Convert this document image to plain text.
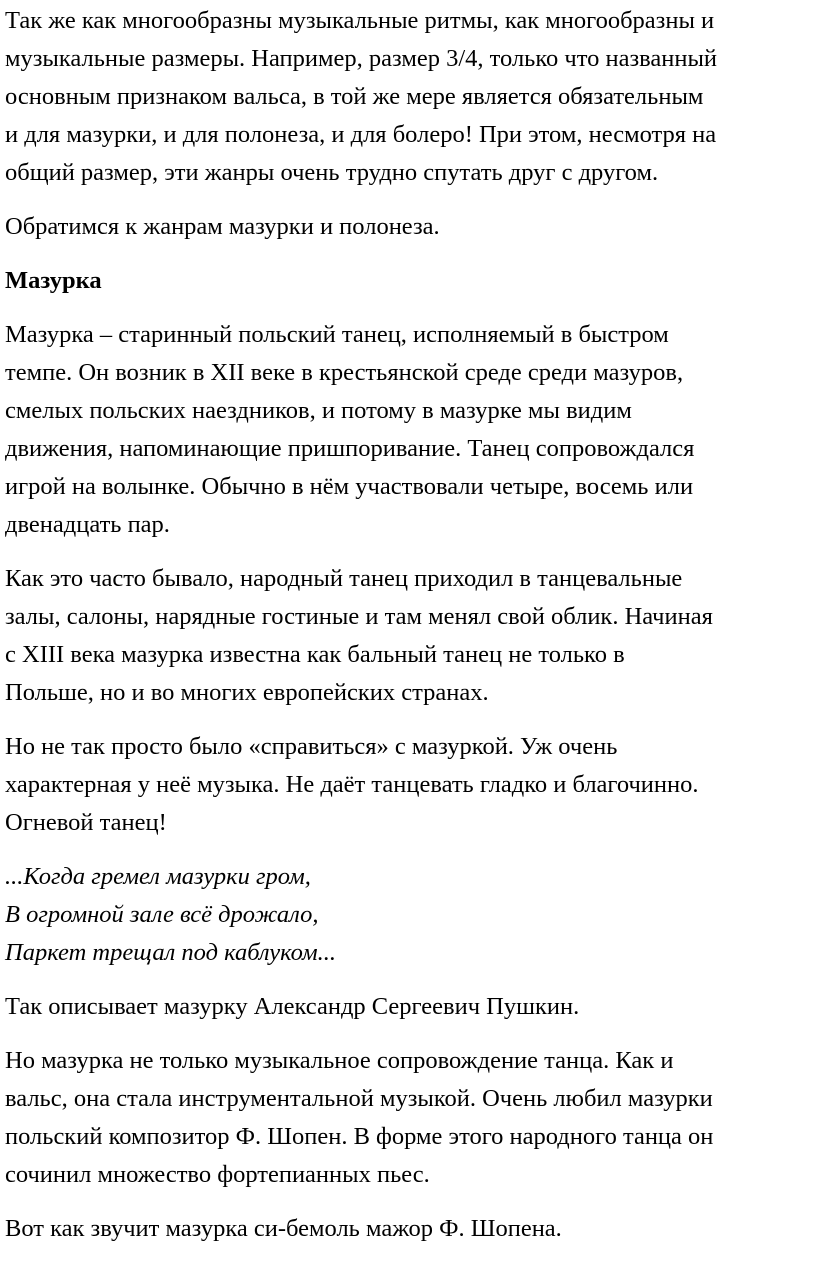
Так же как многообразны музыкальные ритмы, как многообразны и
музыкальные размеры. Например, размер 3/4, только что названный
основным признаком вальса, в той же мере является обязательным
и для мазурки, и для полонеза, и для болеро! При этом, несмотря на
общий размер, эти жанры очень трудно спутать друг с другом.

Обратимся к жанрам мазурки и полонеза.

Мазурка

Мазурка – старинный польский танец, исполняемый в быстром
темпе. Он возник в XII веке в крестьянской среде среди мазуров,
смелых польских наездников, и потому в мазурке мы видим
движения, напоминающие пришпоривание. Танец сопровождался
игрой на волынке. Обычно в нём участвовали четыре, восемь или
двенадцать пар.

Как это часто бывало, народный танец приходил в танцевальные
залы, салоны, нарядные гостиные и там менял свой облик. Начиная
с XIII века мазурка известна как бальный танец не только в
Польше, но и во многих европейских странах.

Но не так просто было «справиться» с мазуркой. Уж очень
характерная у неё музыка. Не даёт танцевать гладко и благочинно.
Огневой танец!

...Когда гремел мазурки гром,
В огромной зале всё дрожало,
Паркет трещал под каблуком...

Так описывает мазурку Александр Сергеевич Пушкин.

Но мазурка не только музыкальное сопровождение танца. Как и
вальс, она стала инструментальной музыкой. Очень любил мазурки
польский композитор Ф. Шопен. В форме этого народного танца он
сочинил множество фортепианных пьес.

Вот как звучит мазурка си-бемоль мажор Ф. Шопена.
